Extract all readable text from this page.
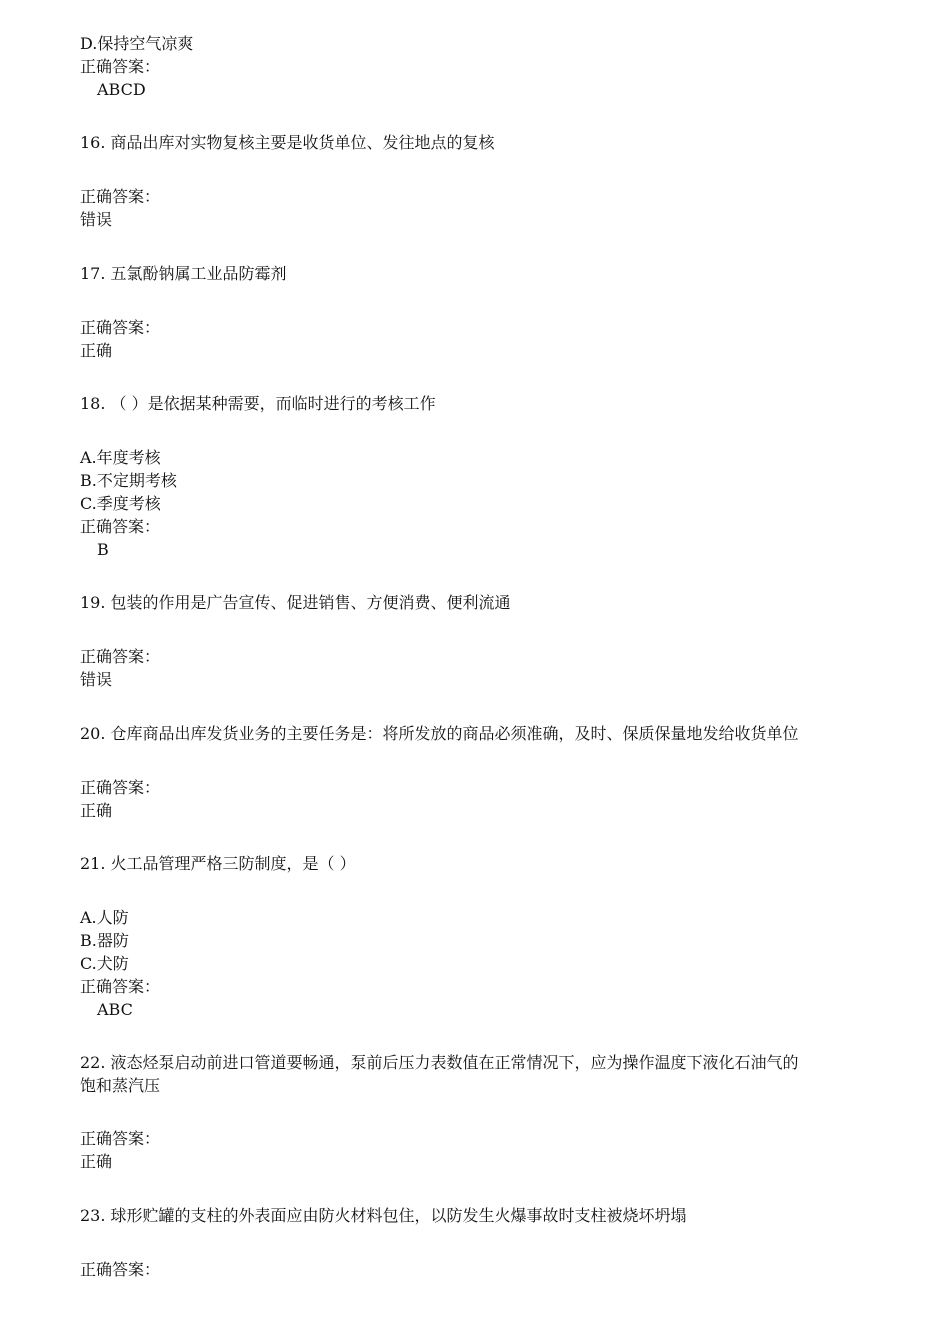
D.保持空气凉爽
正确答案：
ABCD
16. 商品出库对实物复核主要是收货单位、发往地点的复核
正确答案：
错误
17. 五氯酚钠属工业品防霉剂
正确答案：
正确
18. （ ）是依据某种需要，而临时进行的考核工作
A.年度考核
B.不定期考核
C.季度考核
正确答案：
B
19. 包装的作用是广告宣传、促进销售、方便消费、便利流通
正确答案：
错误
20. 仓库商品出库发货业务的主要任务是：将所发放的商品必须准确，及时、保质保量地发给收货单位
正确答案：
正确
21. 火工品管理严格三防制度，是（ ）
A.人防
B.器防
C.犬防
正确答案：
ABC
22. 液态烃泵启动前进口管道要畅通，泵前后压力表数值在正常情况下，应为操作温度下液化石油气的
饱和蒸汽压
正确答案：
正确
23. 球形贮罐的支柱的外表面应由防火材料包住，以防发生火爆事故时支柱被烧坏坍塌
正确答案：
